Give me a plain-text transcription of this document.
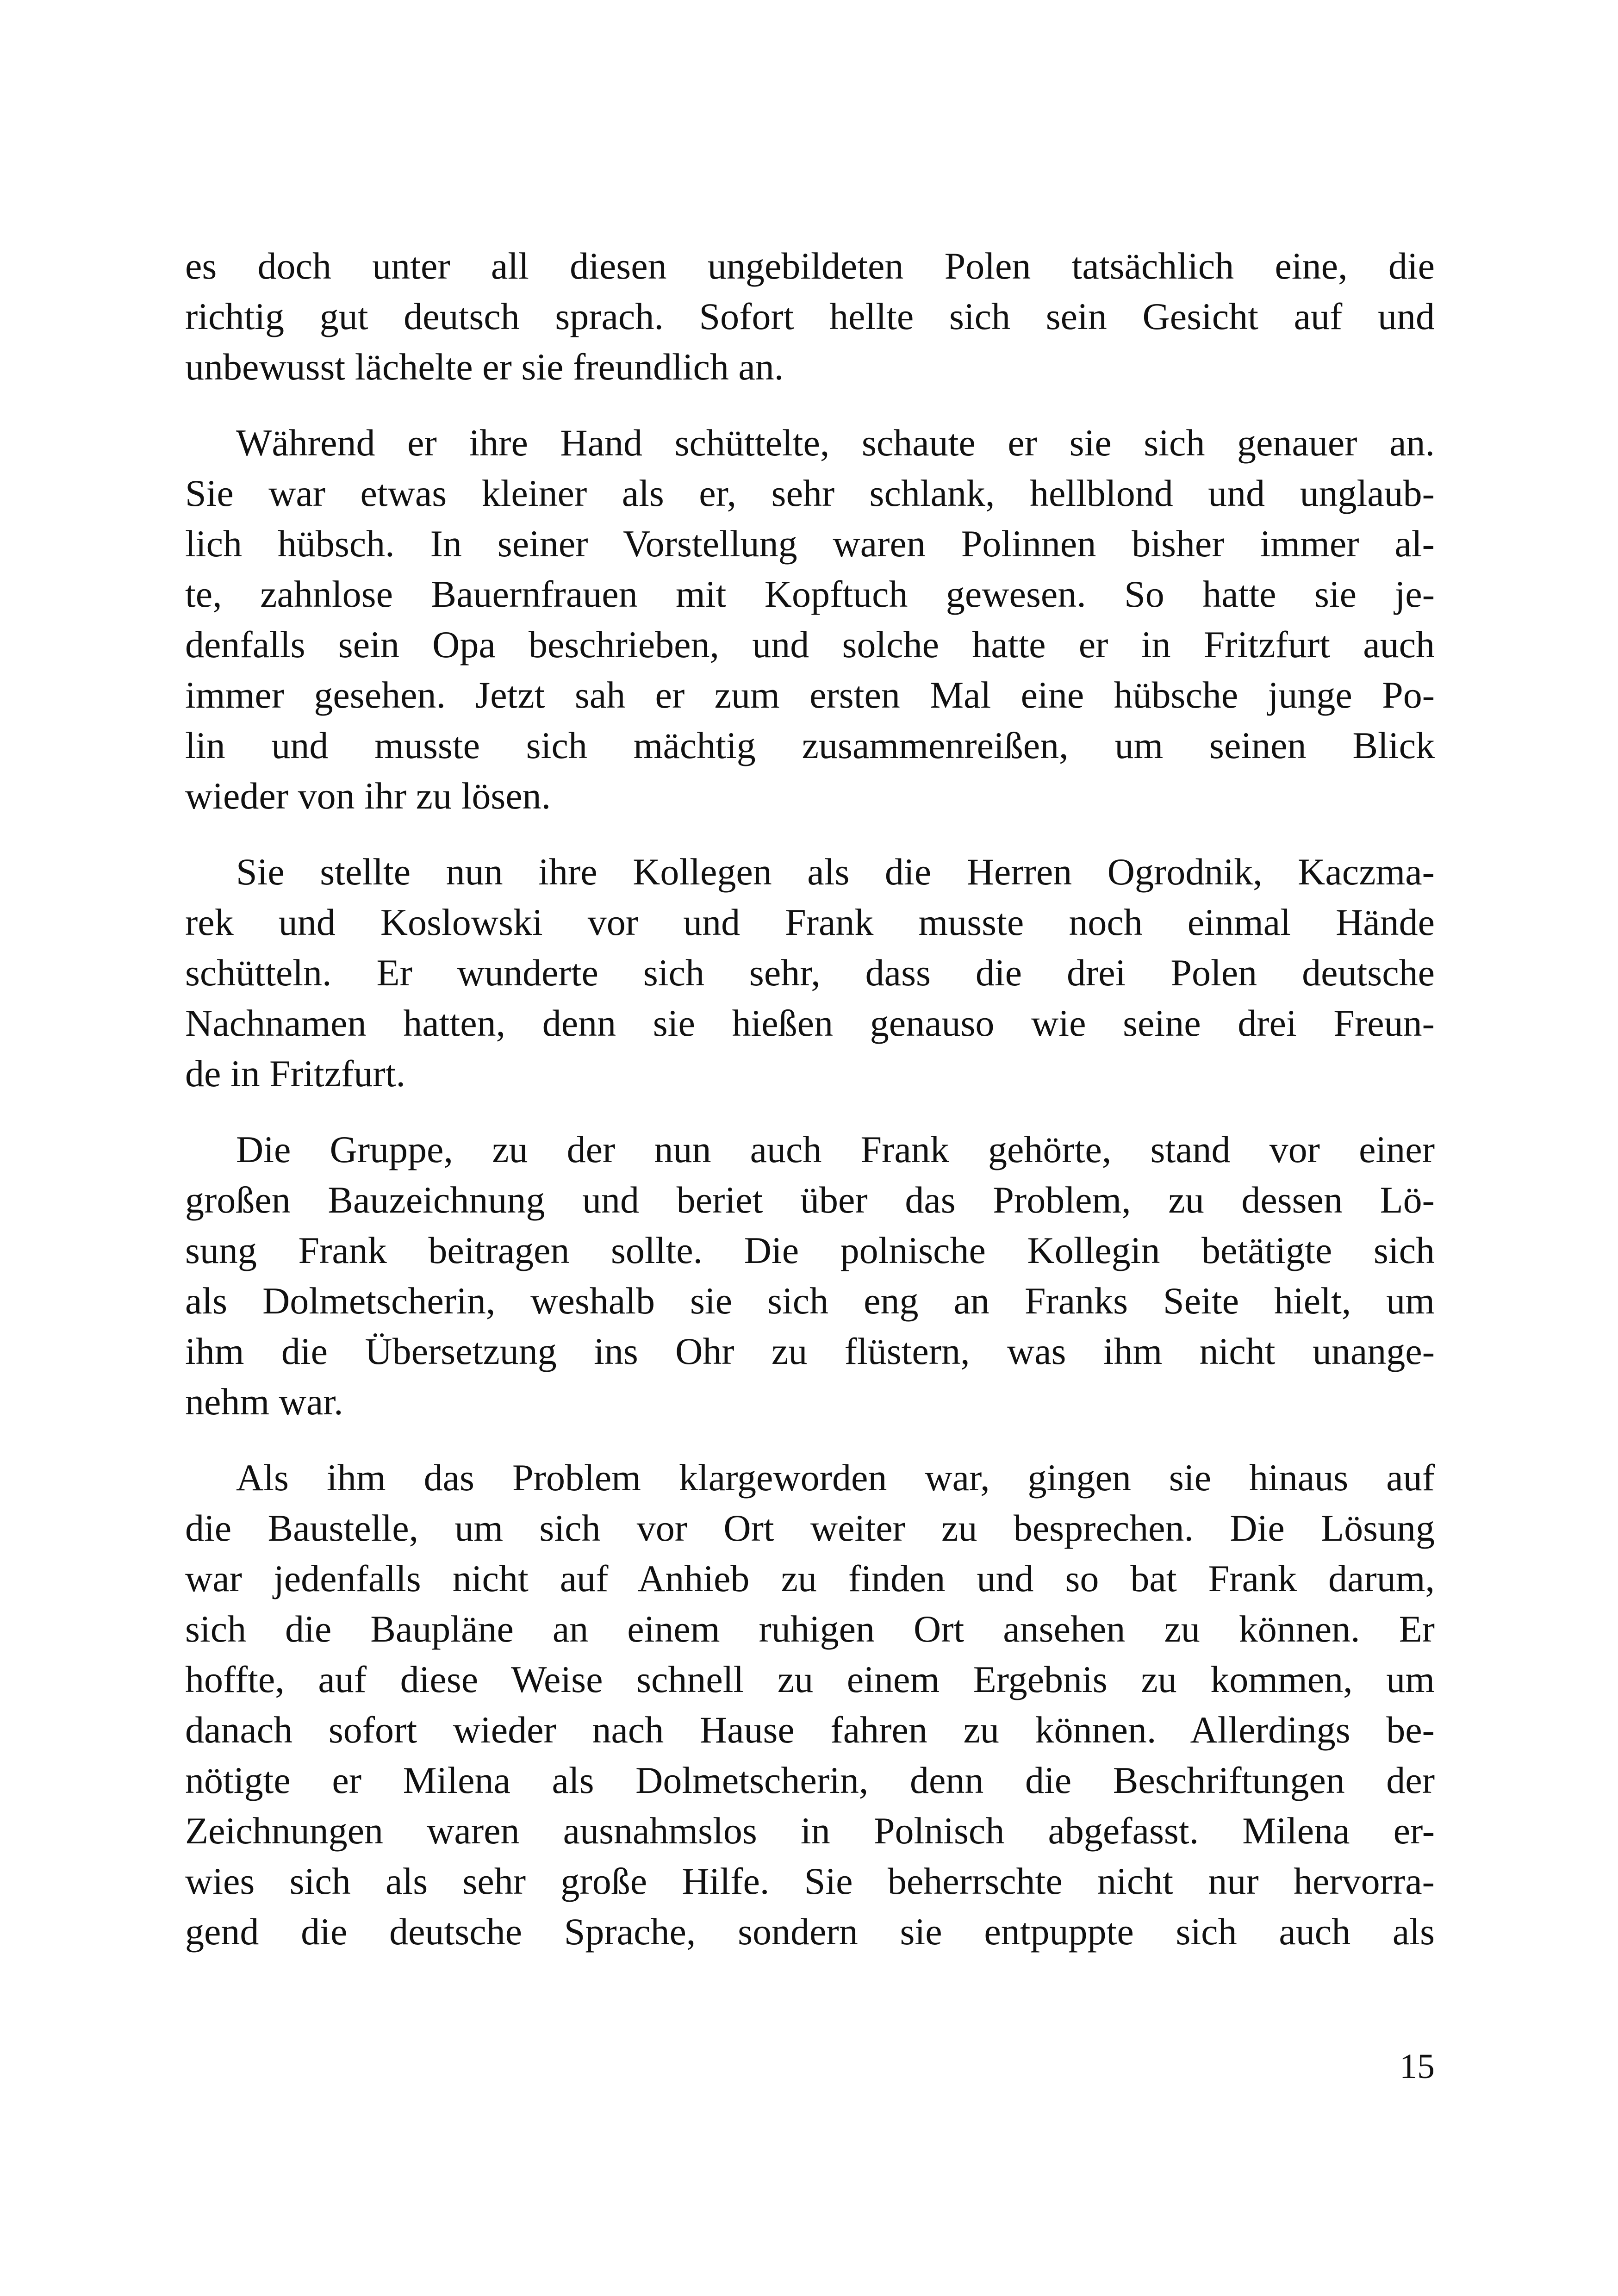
es doch unter all diesen ungebildeten Polen tatsächlich eine, die
richtig gut deutsch sprach. Sofort hellte sich sein Gesicht auf und
unbewusst lächelte er sie freundlich an.

Während er ihre Hand schüttelte, schaute er sie sich genauer an.
Sie war etwas kleiner als er, sehr schlank, hellblond und unglaub-
lich hübsch. In seiner Vorstellung waren Polinnen bisher immer al-
te, zahnlose Bauernfrauen mit Kopftuch gewesen. So hatte sie je-
denfalls sein Opa beschrieben, und solche hatte er in Fritzfurt auch
immer gesehen. Jetzt sah er zum ersten Mal eine hübsche junge Po-
lin und musste sich mächtig zusammenreißen, um seinen Blick
wieder von ihr zu lösen.

Sie stellte nun ihre Kollegen als die Herren Ogrodnik, Kaczma-
rek und Koslowski vor und Frank musste noch einmal Hände
schütteln. Er wunderte sich sehr, dass die drei Polen deutsche
Nachnamen hatten, denn sie hießen genauso wie seine drei Freun-
de in Fritzfurt.

Die Gruppe, zu der nun auch Frank gehörte, stand vor einer
großen Bauzeichnung und beriet über das Problem, zu dessen Lö-
sung Frank beitragen sollte. Die polnische Kollegin betätigte sich
als Dolmetscherin, weshalb sie sich eng an Franks Seite hielt, um
ihm die Übersetzung ins Ohr zu flüstern, was ihm nicht unange-
nehm war.

Als ihm das Problem klargeworden war, gingen sie hinaus auf
die Baustelle, um sich vor Ort weiter zu besprechen. Die Lösung
war jedenfalls nicht auf Anhieb zu finden und so bat Frank darum,
sich die Baupläne an einem ruhigen Ort ansehen zu können. Er
hoffte, auf diese Weise schnell zu einem Ergebnis zu kommen, um
danach sofort wieder nach Hause fahren zu können. Allerdings be-
nötigte er Milena als Dolmetscherin, denn die Beschriftungen der
Zeichnungen waren ausnahmslos in Polnisch abgefasst. Milena er-
wies sich als sehr große Hilfe. Sie beherrschte nicht nur hervorra-
gend die deutsche Sprache, sondern sie entpuppte sich auch als

15
